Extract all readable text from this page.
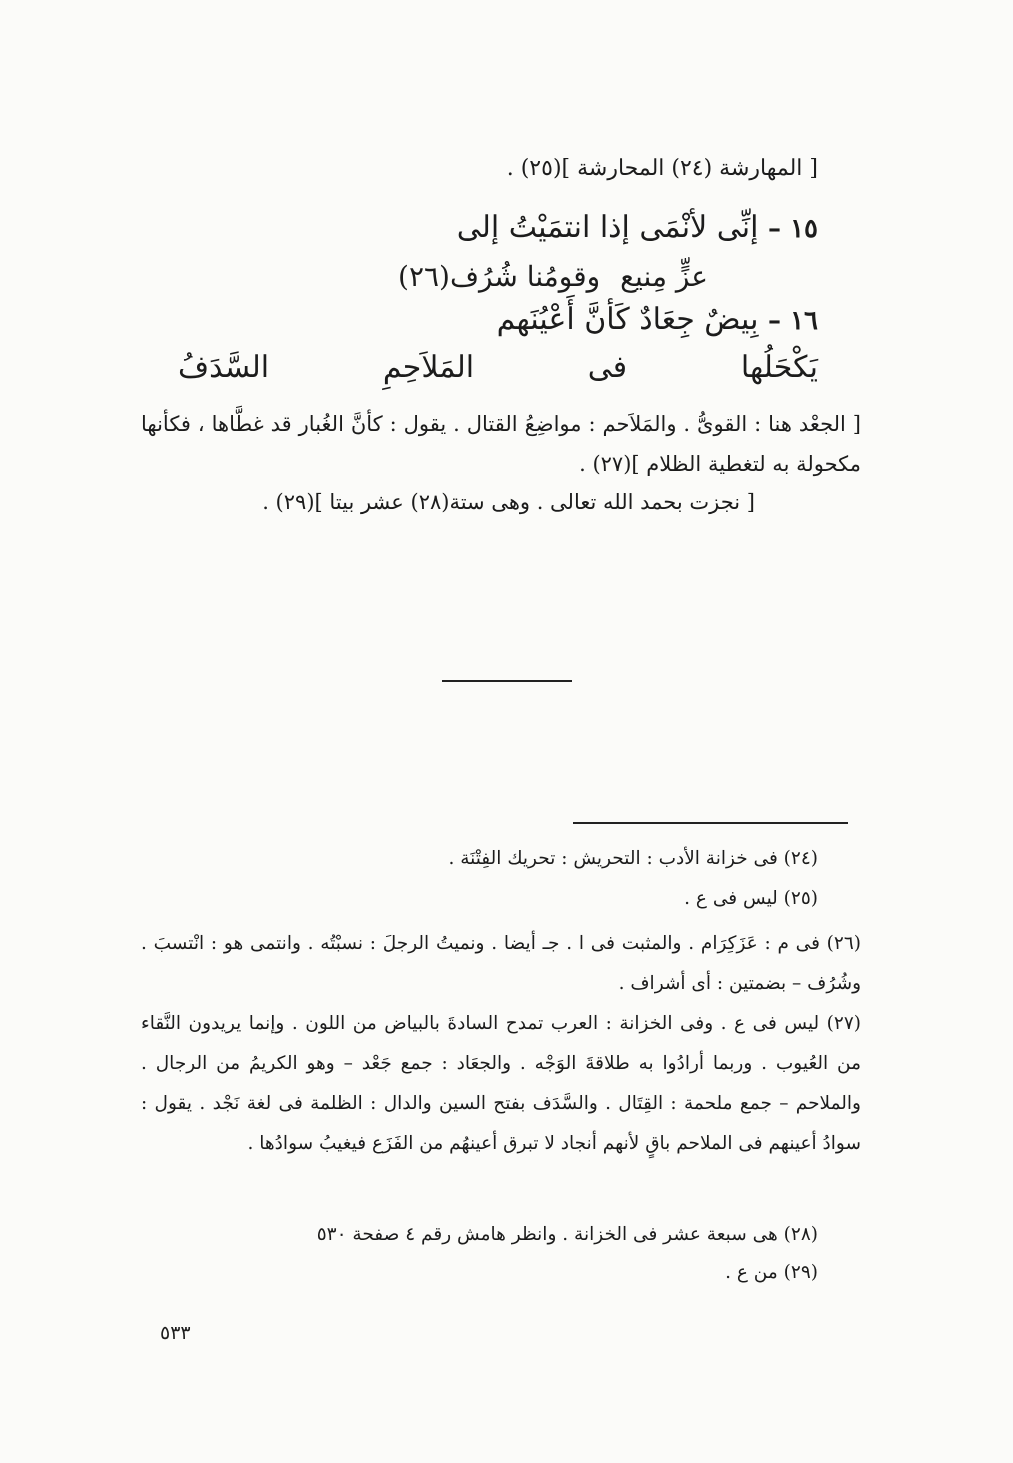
[ المهارشة (٢٤) المحارشة ](٢٥) .
١٥ – إنِّى لأنْمَى إذا انتمَيْتُ إلى
عزٍّ مِنيع
وقومُنا شُرُف(٢٦)
١٦ – بِيضٌ جِعَادٌ كَأنَّ أَعْيُنَهم
يَكْحَلُها
فى
المَلاَحِمِ
السَّدَفُ
[ الجعْد هنا : القوىُّ . والمَلاَحم : مواضِعُ القتال . يقول : كأنَّ الغُبار قد غطَّاها ، فكأنها مكحولة به لتغطية الظلام ](٢٧) .
[ نجزت بحمد الله تعالى . وهى ستة(٢٨) عشر بيتا ](٢٩) .
(٢٤) فى خزانة الأدب : التحريش : تحريك الفِتْنَة .
(٢٥) ليس فى ع .
(٢٦) فى م : عَزَكِرَام . والمثبت فى ا . جـ أيضا . ونميتُ الرجلَ : نسبْتُه . وانتمى هو : انْتسبَ . وشُرُف – بضمتين : أى أشراف .
(٢٧) ليس فى ع . وفى الخزانة : العرب تمدح السادةَ بالبياض من اللون . وإنما يريدون النَّقاء من العُيوب . وربما أرادُوا به طلاقةَ الوَجْه . والجعَاد : جمع جَعْد – وهو الكريمُ من الرجال . والملاحم – جمع ملحمة : القِتَال . والسَّدَف بفتح السين والدال : الظلمة فى لغة نَجْد . يقول : سوادُ أعينهم فى الملاحم باقٍ لأنهم أنجاد لا تبرق أعينهُم من الفَزَع فيغيبُ سوادُها .
(٢٨) هى سبعة عشر فى الخزانة . وانظر هامش رقم ٤ صفحة ٥٣٠
(٢٩) من ع .
٥٣٣
